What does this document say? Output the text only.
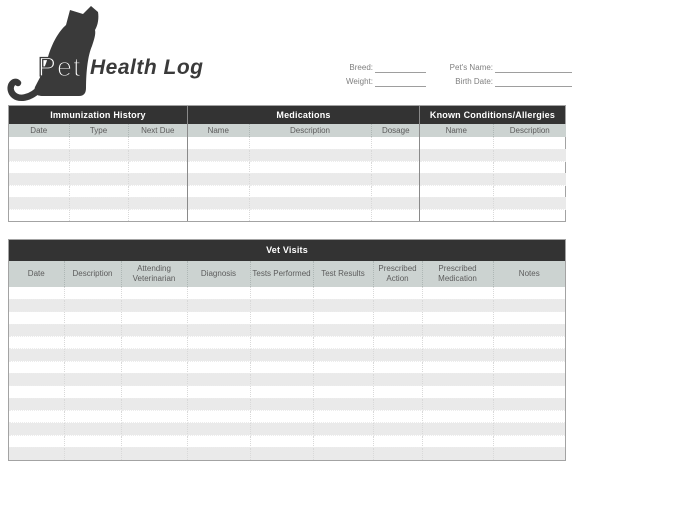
Pet Health Log	Breed:	Pet's Name:
Weight:	Birth Date:
Immunization History
Date	Type	Next Due

Medications
Name	Description	Dosage

Known Conditions/Allergies
Name	Description

Vet Visits
Date	Description	Attending Veterinarian	Diagnosis	Tests Performed	Test Results	Prescribed Action	Prescribed Medication	Notes
